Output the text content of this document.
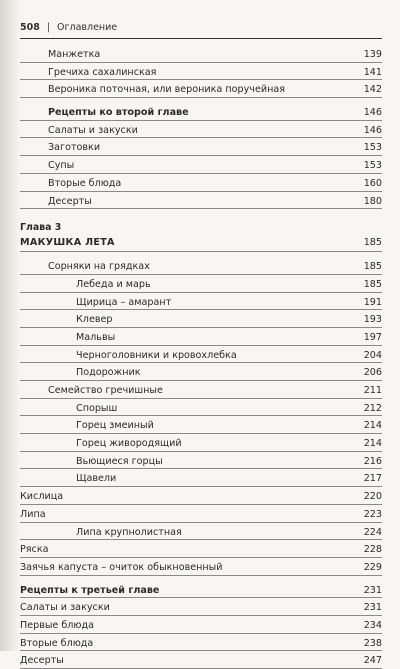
508 | Оглавление
Манжетка	139
Гречиха сахалинская	141
Вероника поточная, или вероника поручейная	142
Рецепты ко второй главе	146
Салаты и закуски	146
Заготовки	153
Супы	153
Вторые блюда	160
Десерты	180
Глава 3
МАКУШКА ЛЕТА	185
Сорняки на грядках	185
Лебеда и марь	185
Щирица – амарант	191
Клевер	193
Мальвы	197
Черноголовники и кровохлебка	204
Подорожник	206
Семейство гречишные	211
Спорыш	212
Горец змеиный	214
Горец живородящий	214
Вьющиеся горцы	216
Щавели	217
Кислица	220
Липа	223
Липа крупнолистная	224
Ряска	228
Заячья капуста – очиток обыкновенный	229
Рецепты к третьей главе	231
Салаты и закуски	231
Первые блюда	234
Вторые блюда	238
Десерты	247
